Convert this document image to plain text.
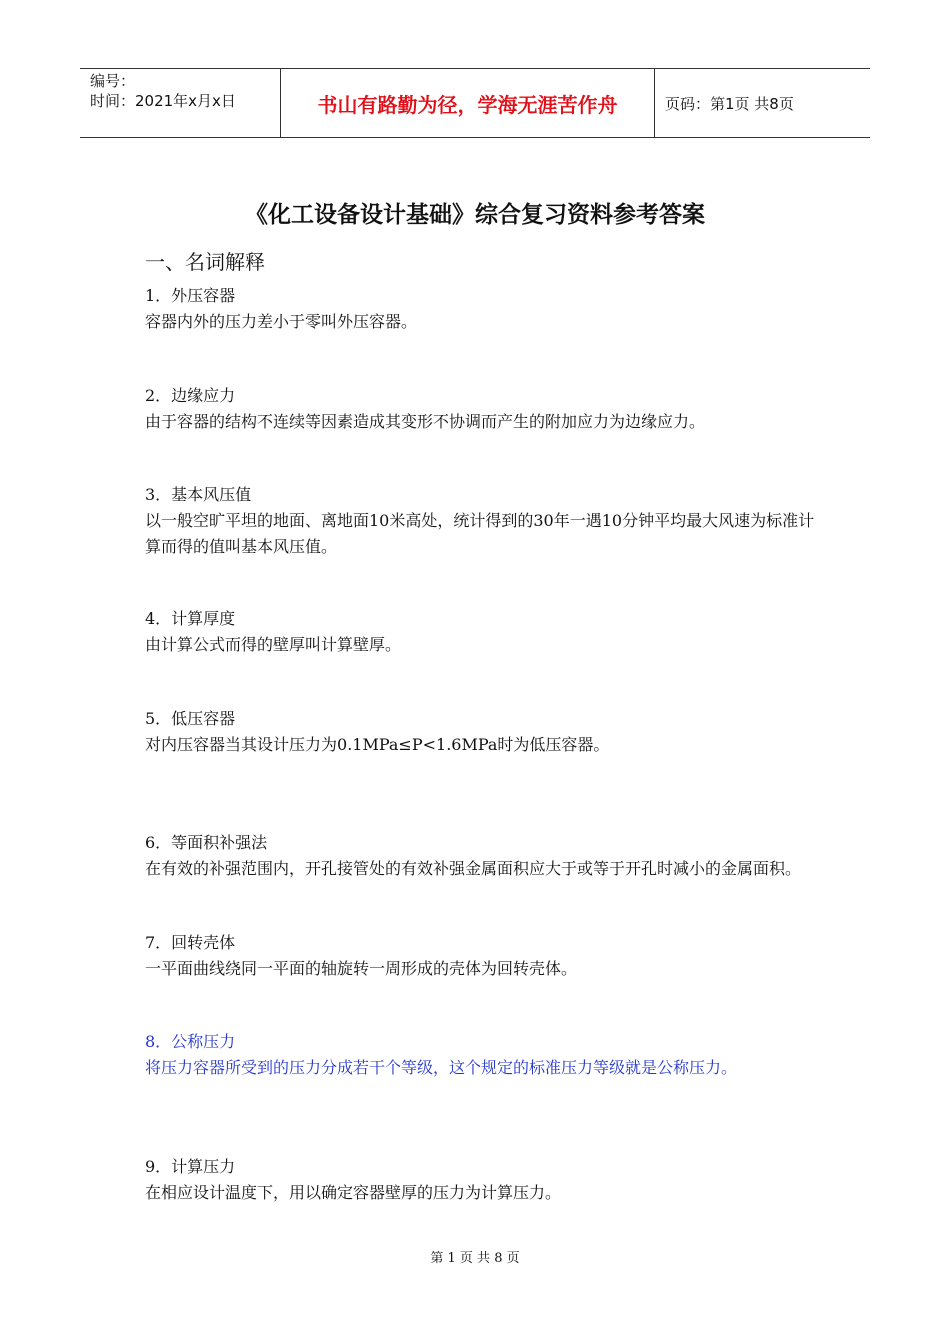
编号：
时间：2021年x月x日	书山有路勤为径，学海无涯苦作舟	页码：第1页 共8页
《化工设备设计基础》综合复习资料参考答案
一、名词解释
1．外压容器
容器内外的压力差小于零叫外压容器。
2．边缘应力
由于容器的结构不连续等因素造成其变形不协调而产生的附加应力为边缘应力。
3．基本风压值
以一般空旷平坦的地面、离地面10米高处，统计得到的30年一遇10分钟平均最大风速为标准计算而得的值叫基本风压值。
4．计算厚度
由计算公式而得的壁厚叫计算壁厚。
5．低压容器
对内压容器当其设计压力为0.1MPa≤P<1.6MPa时为低压容器。
6．等面积补强法
在有效的补强范围内，开孔接管处的有效补强金属面积应大于或等于开孔时减小的金属面积。
7．回转壳体
一平面曲线绕同一平面的轴旋转一周形成的壳体为回转壳体。
8．公称压力
将压力容器所受到的压力分成若干个等级，这个规定的标准压力等级就是公称压力。
9．计算压力
在相应设计温度下，用以确定容器壁厚的压力为计算压力。
第 1 页 共 8 页
